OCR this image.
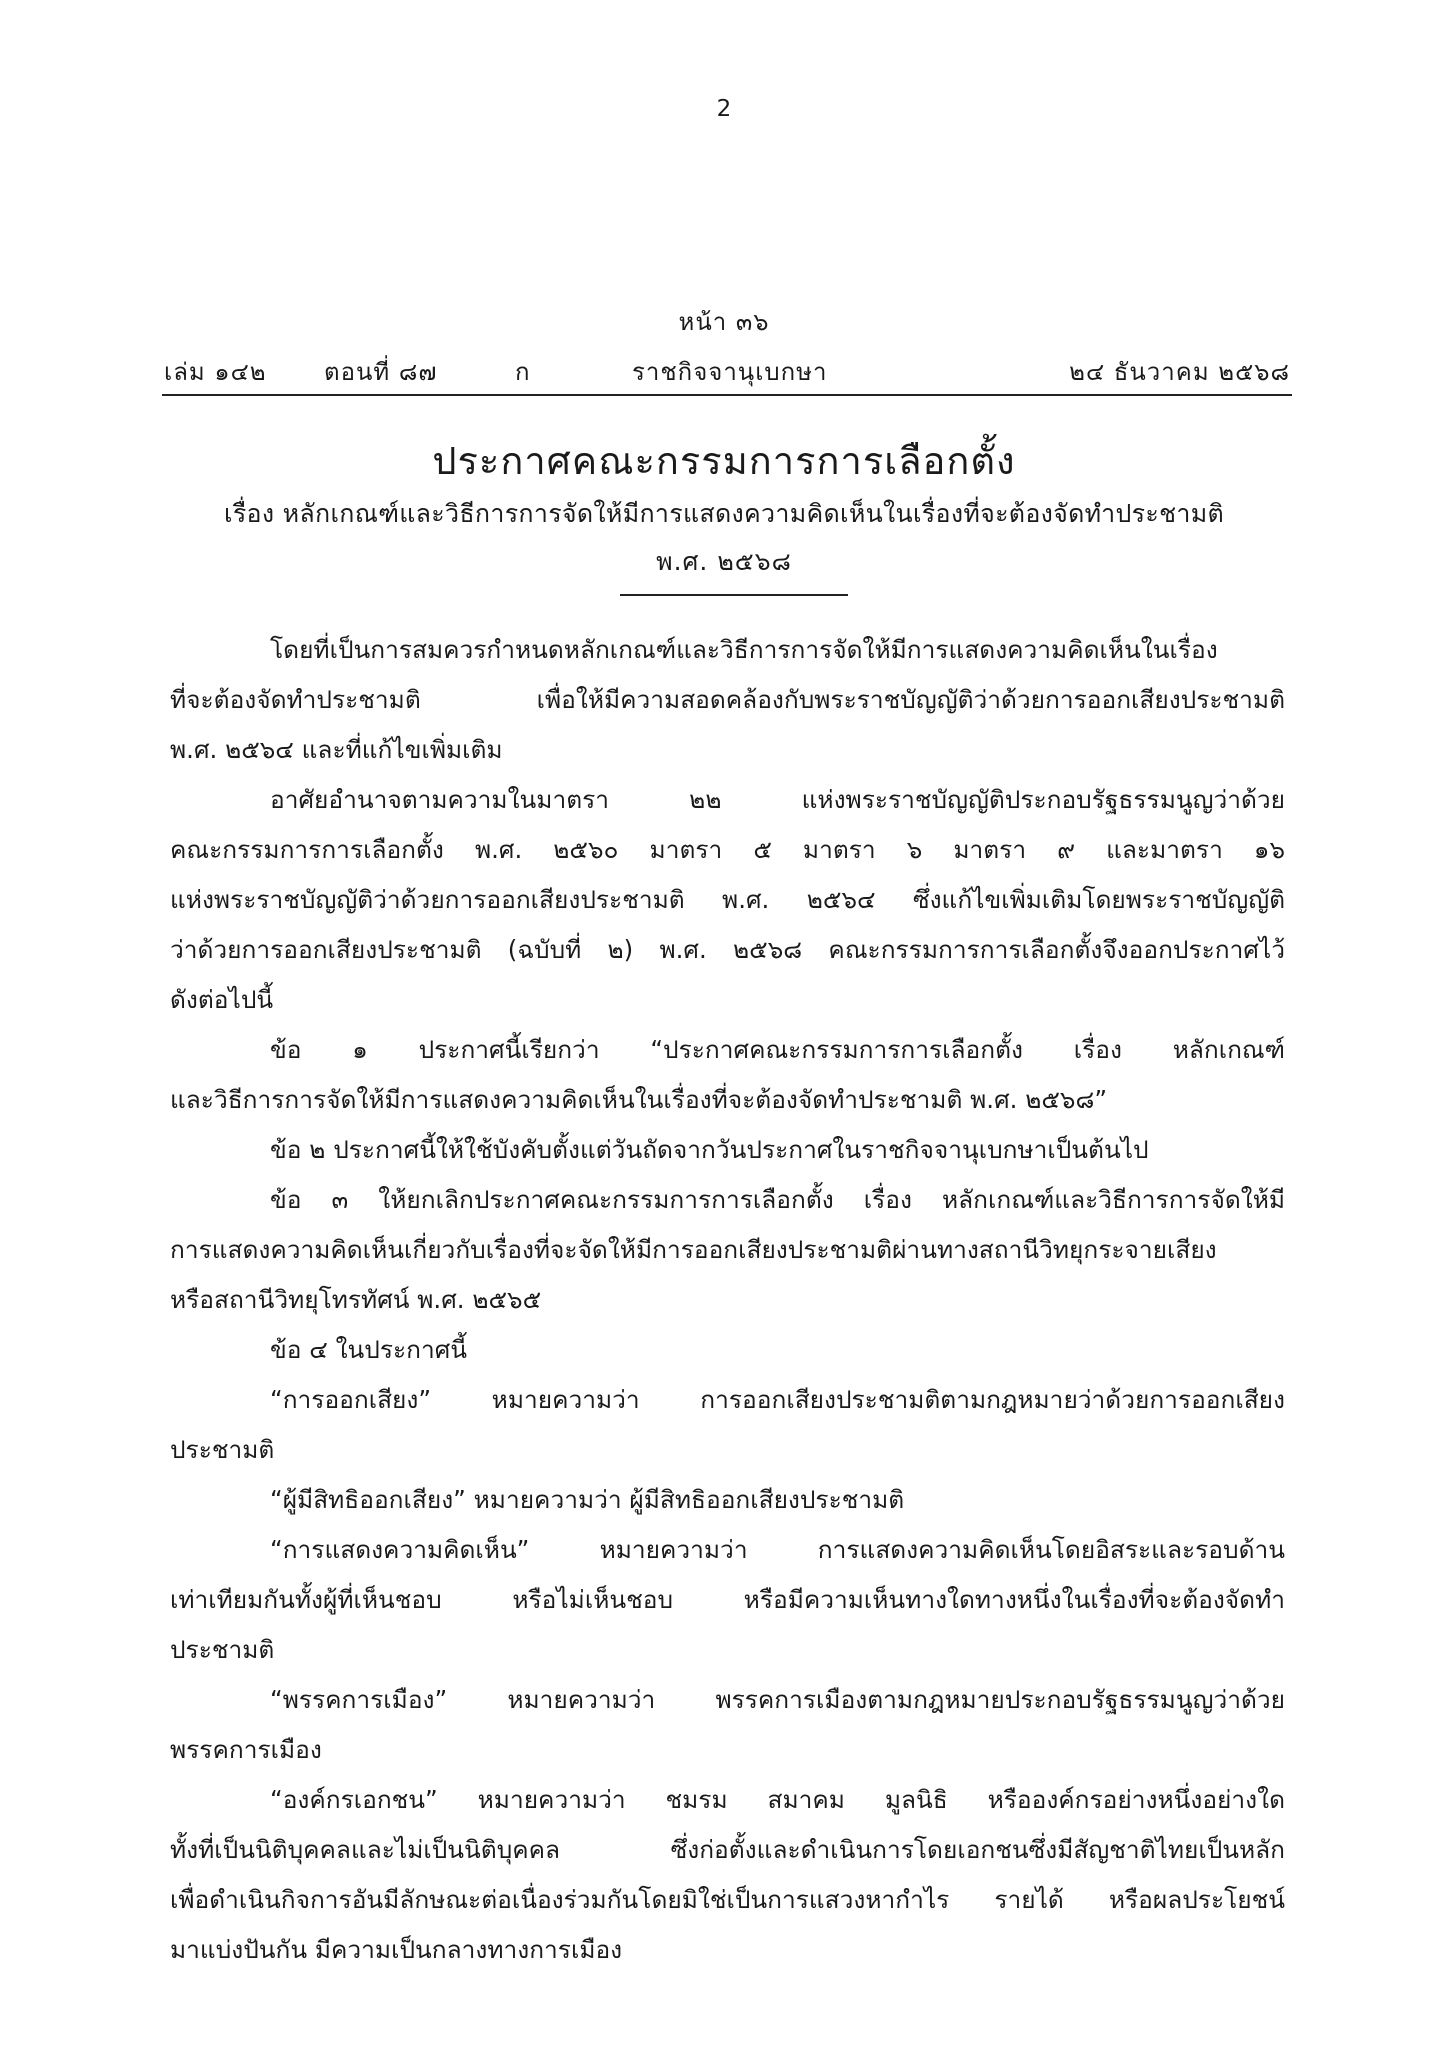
2
หน้า ๓๖
เล่ม ๑๔๒ ตอนที่ ๘๗	ก	ราชกิจจานุเบกษา	๒๔ ธันวาคม ๒๕๖๘
ประกาศคณะกรรมการการเลือกตั้ง
เรื่อง หลักเกณฑ์และวิธีการการจัดให้มีการแสดงความคิดเห็นในเรื่องที่จะต้องจัดทำประชามติ
พ.ศ. ๒๕๖๘
โดยที่เป็นการสมควรกำหนดหลักเกณฑ์และวิธีการการจัดให้มีการแสดงความคิดเห็นในเรื่อง
ที่จะต้องจัดทำประชามติ เพื่อให้มีความสอดคล้องกับพระราชบัญญัติว่าด้วยการออกเสียงประชามติ
พ.ศ. ๒๕๖๔ และที่แก้ไขเพิ่มเติม
อาศัยอำนาจตามความในมาตรา ๒๒ แห่งพระราชบัญญัติประกอบรัฐธรรมนูญว่าด้วย
คณะกรรมการการเลือกตั้ง พ.ศ. ๒๕๖๐ มาตรา ๕ มาตรา ๖ มาตรา ๙ และมาตรา ๑๖
แห่งพระราชบัญญัติว่าด้วยการออกเสียงประชามติ พ.ศ. ๒๕๖๔ ซึ่งแก้ไขเพิ่มเติมโดยพระราชบัญญัติ
ว่าด้วยการออกเสียงประชามติ (ฉบับที่ ๒) พ.ศ. ๒๕๖๘ คณะกรรมการการเลือกตั้งจึงออกประกาศไว้
ดังต่อไปนี้
ข้อ ๑ ประกาศนี้เรียกว่า “ประกาศคณะกรรมการการเลือกตั้ง เรื่อง หลักเกณฑ์
และวิธีการการจัดให้มีการแสดงความคิดเห็นในเรื่องที่จะต้องจัดทำประชามติ พ.ศ. ๒๕๖๘”
ข้อ ๒ ประกาศนี้ให้ใช้บังคับตั้งแต่วันถัดจากวันประกาศในราชกิจจานุเบกษาเป็นต้นไป
ข้อ ๓ ให้ยกเลิกประกาศคณะกรรมการการเลือกตั้ง เรื่อง หลักเกณฑ์และวิธีการการจัดให้มี
การแสดงความคิดเห็นเกี่ยวกับเรื่องที่จะจัดให้มีการออกเสียงประชามติผ่านทางสถานีวิทยุกระจายเสียง
หรือสถานีวิทยุโทรทัศน์ พ.ศ. ๒๕๖๕
ข้อ ๔ ในประกาศนี้
“การออกเสียง” หมายความว่า การออกเสียงประชามติตามกฎหมายว่าด้วยการออกเสียง
ประชามติ
“ผู้มีสิทธิออกเสียง” หมายความว่า ผู้มีสิทธิออกเสียงประชามติ
“การแสดงความคิดเห็น” หมายความว่า การแสดงความคิดเห็นโดยอิสระและรอบด้าน
เท่าเทียมกันทั้งผู้ที่เห็นชอบ หรือไม่เห็นชอบ หรือมีความเห็นทางใดทางหนึ่งในเรื่องที่จะต้องจัดทำ
ประชามติ
“พรรคการเมือง” หมายความว่า พรรคการเมืองตามกฎหมายประกอบรัฐธรรมนูญว่าด้วย
พรรคการเมือง
“องค์กรเอกชน” หมายความว่า ชมรม สมาคม มูลนิธิ หรือองค์กรอย่างหนึ่งอย่างใด
ทั้งที่เป็นนิติบุคคลและไม่เป็นนิติบุคคล ซึ่งก่อตั้งและดำเนินการโดยเอกชนซึ่งมีสัญชาติไทยเป็นหลัก
เพื่อดำเนินกิจการอันมีลักษณะต่อเนื่องร่วมกันโดยมิใช่เป็นการแสวงหากำไร รายได้ หรือผลประโยชน์
มาแบ่งปันกัน มีความเป็นกลางทางการเมือง
